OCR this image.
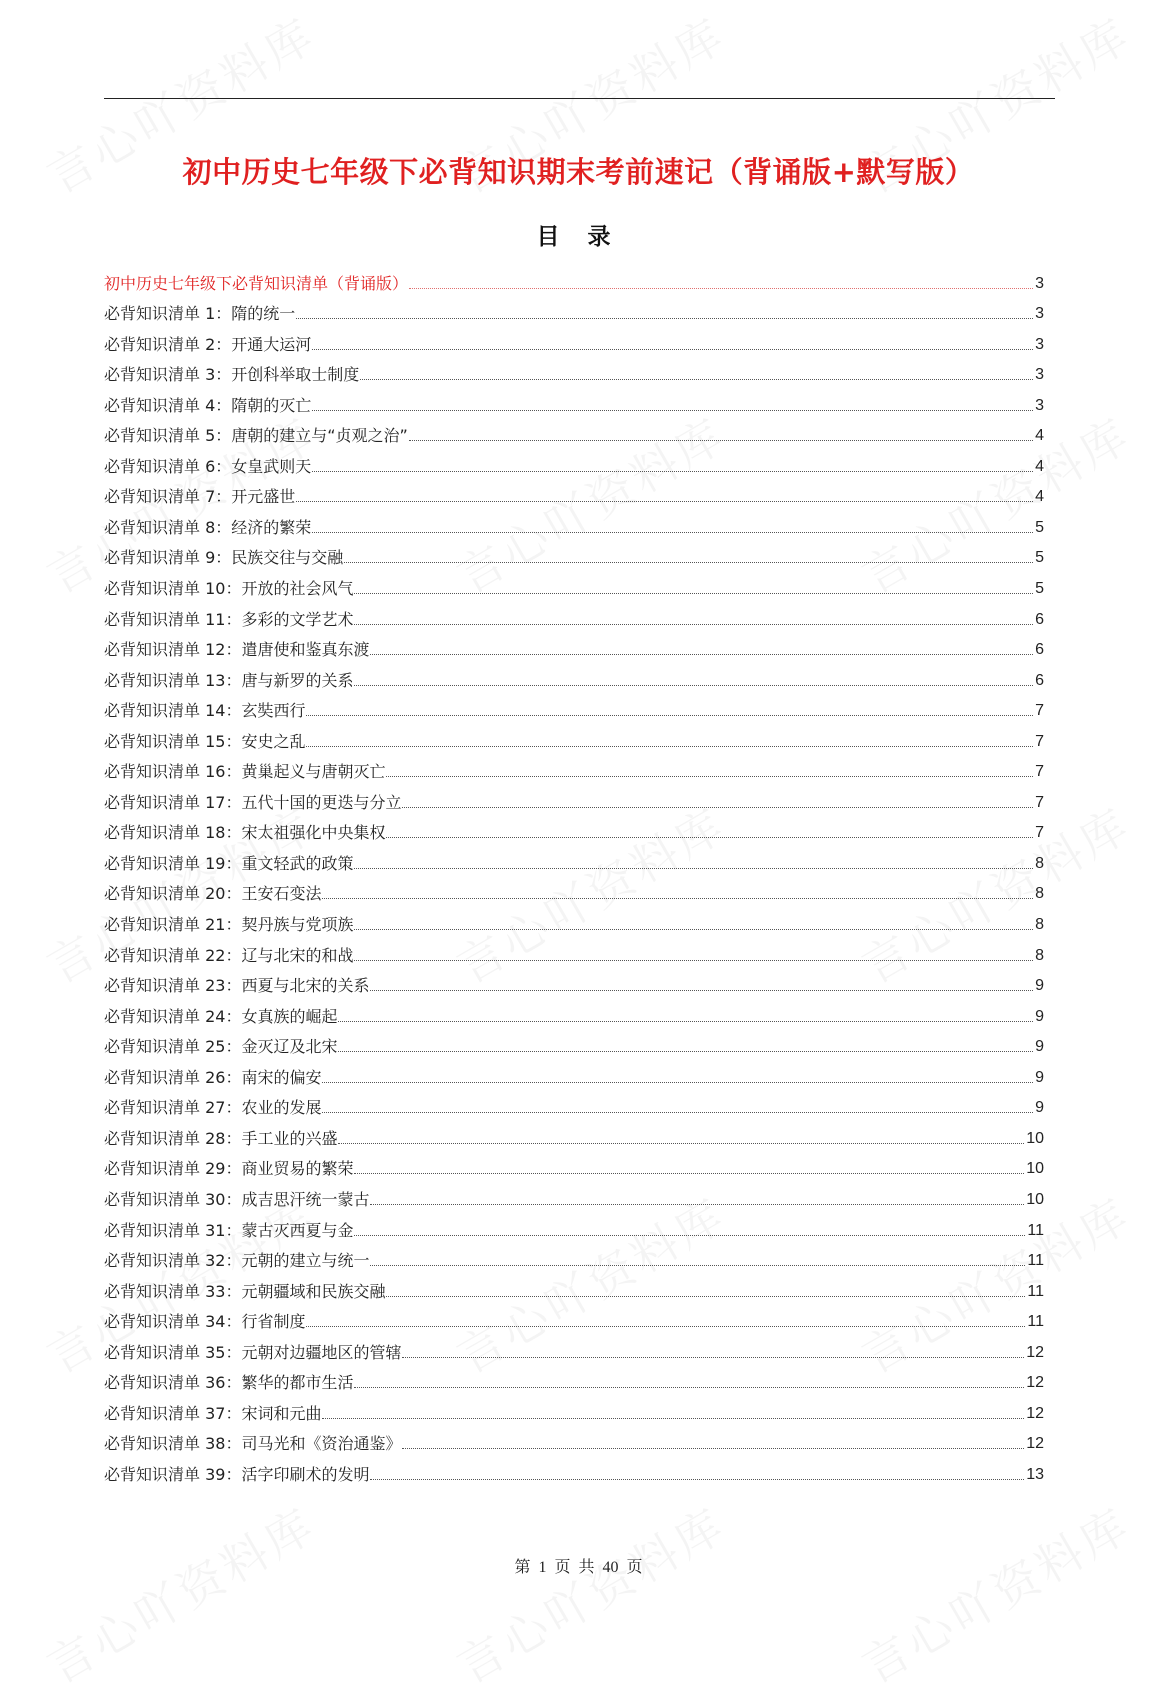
初中历史七年级下必背知识期末考前速记（背诵版+默写版）
目 录
初中历史七年级下必背知识清单（背诵版）	3
必背知识清单 1：隋的统一	3
必背知识清单 2：开通大运河	3
必背知识清单 3：开创科举取士制度	3
必背知识清单 4：隋朝的灭亡	3
必背知识清单 5：唐朝的建立与“贞观之治”	4
必背知识清单 6：女皇武则天	4
必背知识清单 7：开元盛世	4
必背知识清单 8：经济的繁荣	5
必背知识清单 9：民族交往与交融	5
必背知识清单 10：开放的社会风气	5
必背知识清单 11：多彩的文学艺术	6
必背知识清单 12：遣唐使和鉴真东渡	6
必背知识清单 13：唐与新罗的关系	6
必背知识清单 14：玄奘西行	7
必背知识清单 15：安史之乱	7
必背知识清单 16：黄巢起义与唐朝灭亡	7
必背知识清单 17：五代十国的更迭与分立	7
必背知识清单 18：宋太祖强化中央集权	7
必背知识清单 19：重文轻武的政策	8
必背知识清单 20：王安石变法	8
必背知识清单 21：契丹族与党项族	8
必背知识清单 22：辽与北宋的和战	8
必背知识清单 23：西夏与北宋的关系	9
必背知识清单 24：女真族的崛起	9
必背知识清单 25：金灭辽及北宋	9
必背知识清单 26：南宋的偏安	9
必背知识清单 27：农业的发展	9
必背知识清单 28：手工业的兴盛	10
必背知识清单 29：商业贸易的繁荣	10
必背知识清单 30：成吉思汗统一蒙古	10
必背知识清单 31：蒙古灭西夏与金	11
必背知识清单 32：元朝的建立与统一	11
必背知识清单 33：元朝疆域和民族交融	11
必背知识清单 34：行省制度	11
必背知识清单 35：元朝对边疆地区的管辖	12
必背知识清单 36：繁华的都市生活	12
必背知识清单 37：宋词和元曲	12
必背知识清单 38：司马光和《资治通鉴》	12
必背知识清单 39：活字印刷术的发明	13
第 1 页 共 40 页
